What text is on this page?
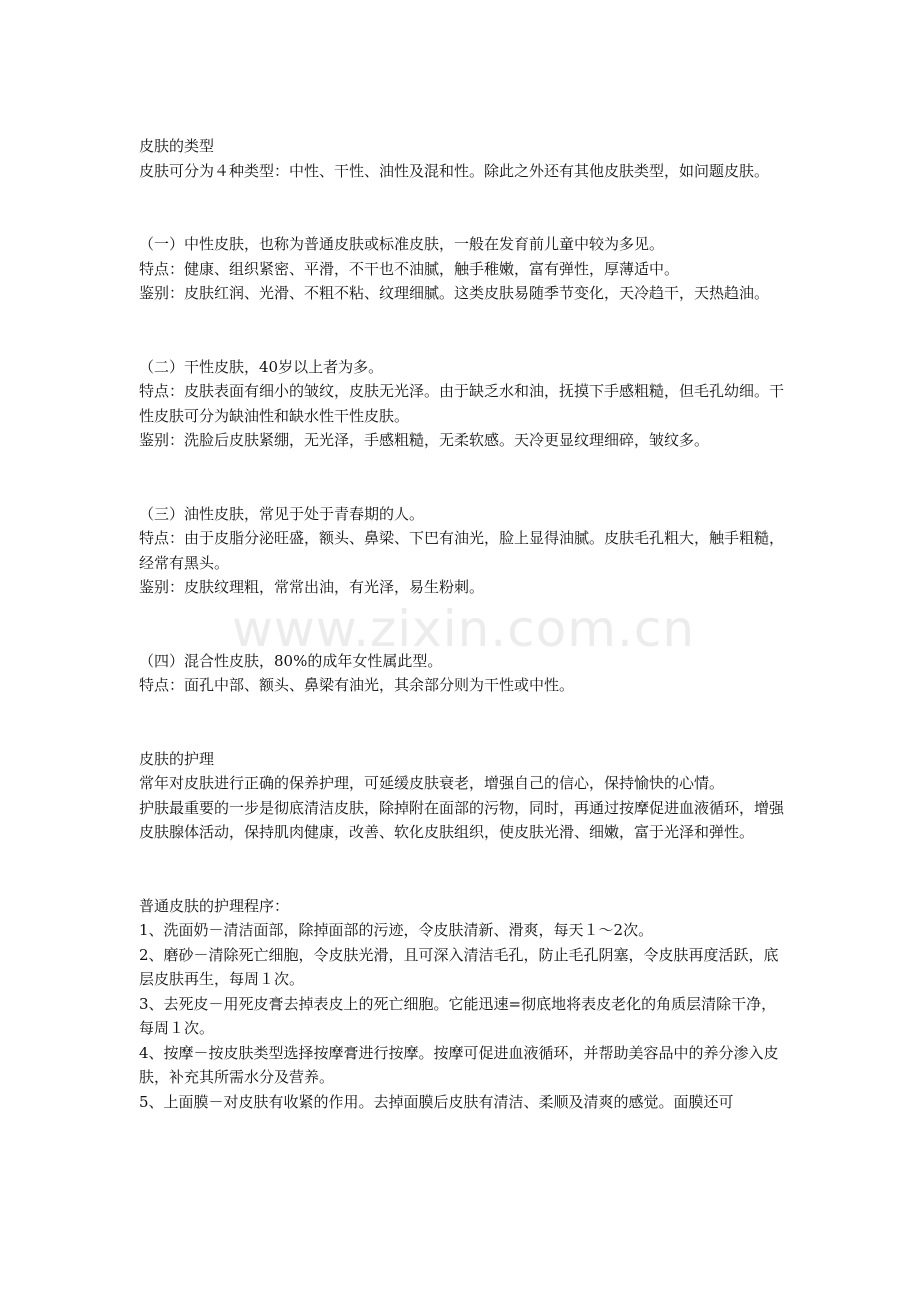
www.zixin.com.cn

皮肤的类型

皮肤可分为４种类型：中性、干性、油性及混和性。除此之外还有其他皮肤类型，如问题皮肤。

（一）中性皮肤，也称为普通皮肤或标准皮肤，一般在发育前儿童中较为多见。

特点：健康、组织紧密、平滑，不干也不油腻，触手稚嫩，富有弹性，厚薄适中。

鉴别：皮肤红润、光滑、不粗不粘、纹理细腻。这类皮肤易随季节变化，天冷趋干，天热趋油。

（二）干性皮肤，40岁以上者为多。

特点：皮肤表面有细小的皱纹，皮肤无光泽。由于缺乏水和油，抚摸下手感粗糙，但毛孔幼细。干性皮肤可分为缺油性和缺水性干性皮肤。

鉴别：洗脸后皮肤紧绷，无光泽，手感粗糙，无柔软感。天冷更显纹理细碎，皱纹多。

（三）油性皮肤，常见于处于青春期的人。

特点：由于皮脂分泌旺盛，额头、鼻梁、下巴有油光，脸上显得油腻。皮肤毛孔粗大，触手粗糙，经常有黑头。

鉴别：皮肤纹理粗，常常出油，有光泽，易生粉刺。

（四）混合性皮肤，80%的成年女性属此型。

特点：面孔中部、额头、鼻梁有油光，其余部分则为干性或中性。

皮肤的护理

常年对皮肤进行正确的保养护理，可延缓皮肤衰老，增强自己的信心，保持愉快的心情。

护肤最重要的一步是彻底清洁皮肤，除掉附在面部的污物，同时，再通过按摩促进血液循环，增强皮肤腺体活动，保持肌肉健康，改善、软化皮肤组织，使皮肤光滑、细嫩，富于光泽和弹性。

普通皮肤的护理程序：

1、洗面奶－清洁面部，除掉面部的污迹，令皮肤清新、滑爽，每天１～2次。

2、磨砂－清除死亡细胞，令皮肤光滑，且可深入清洁毛孔，防止毛孔阴塞，令皮肤再度活跃，底层皮肤再生，每周１次。

3、去死皮－用死皮膏去掉表皮上的死亡细胞。它能迅速=彻底地将表皮老化的角质层清除干净，每周１次。

4、按摩－按皮肤类型选择按摩膏进行按摩。按摩可促进血液循环，并帮助美容品中的养分渗入皮肤，补充其所需水分及营养。

5、上面膜－对皮肤有收紧的作用。去掉面膜后皮肤有清洁、柔顺及清爽的感觉。面膜还可
